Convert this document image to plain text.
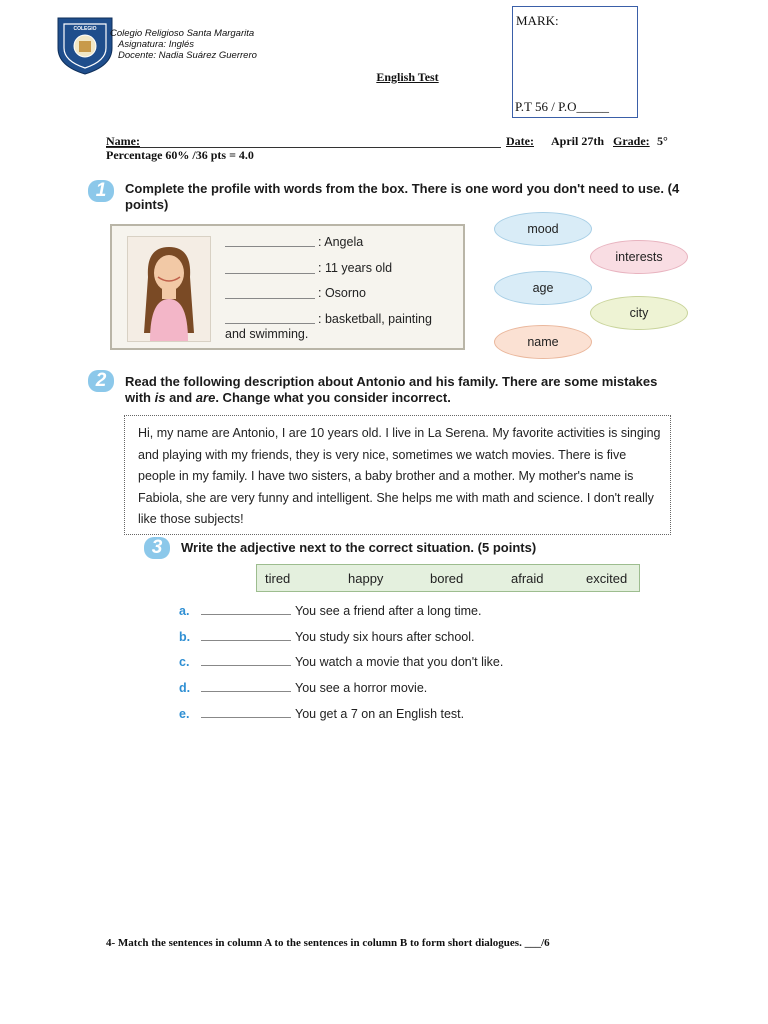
COLEGIO Colegio Religioso Santa Margarita
Asignatura: Inglés
Docente: Nadia Suárez Guerrero
English Test
MARK:
P.T 56 / P.O_____
Name:	Date: April 27th Grade: 5°
Percentage 60% /36 pts = 4.0
1	Complete the profile with words from the box. There is one word you don't need to use. (4 points)
: Angela
: 11 years old
: Osorno
: basketball, painting
and swimming.
mood
interests
age
city
name
2	Read the following description about Antonio and his family. There are some mistakes with is and are. Change what you consider incorrect.
Hi, my name are Antonio, I are 10 years old. I live in La Serena. My favorite activities is singing and playing with my friends, they is very nice, sometimes we watch movies. There is five people in my family. I have two sisters, a baby brother and a mother. My mother's name is Fabiola, she are very funny and intelligent. She helps me with math and science. I don't really like those subjects!
3	Write the adjective next to the correct situation. (5 points)
tired	happy	bored	afraid	excited
a.	You see a friend after a long time.
b.	You study six hours after school.
c.	You watch a movie that you don't like.
d.	You see a horror movie.
e.	You get a 7 on an English test.
4- Match the sentences in column A to the sentences in column B to form short dialogues. ___/6
